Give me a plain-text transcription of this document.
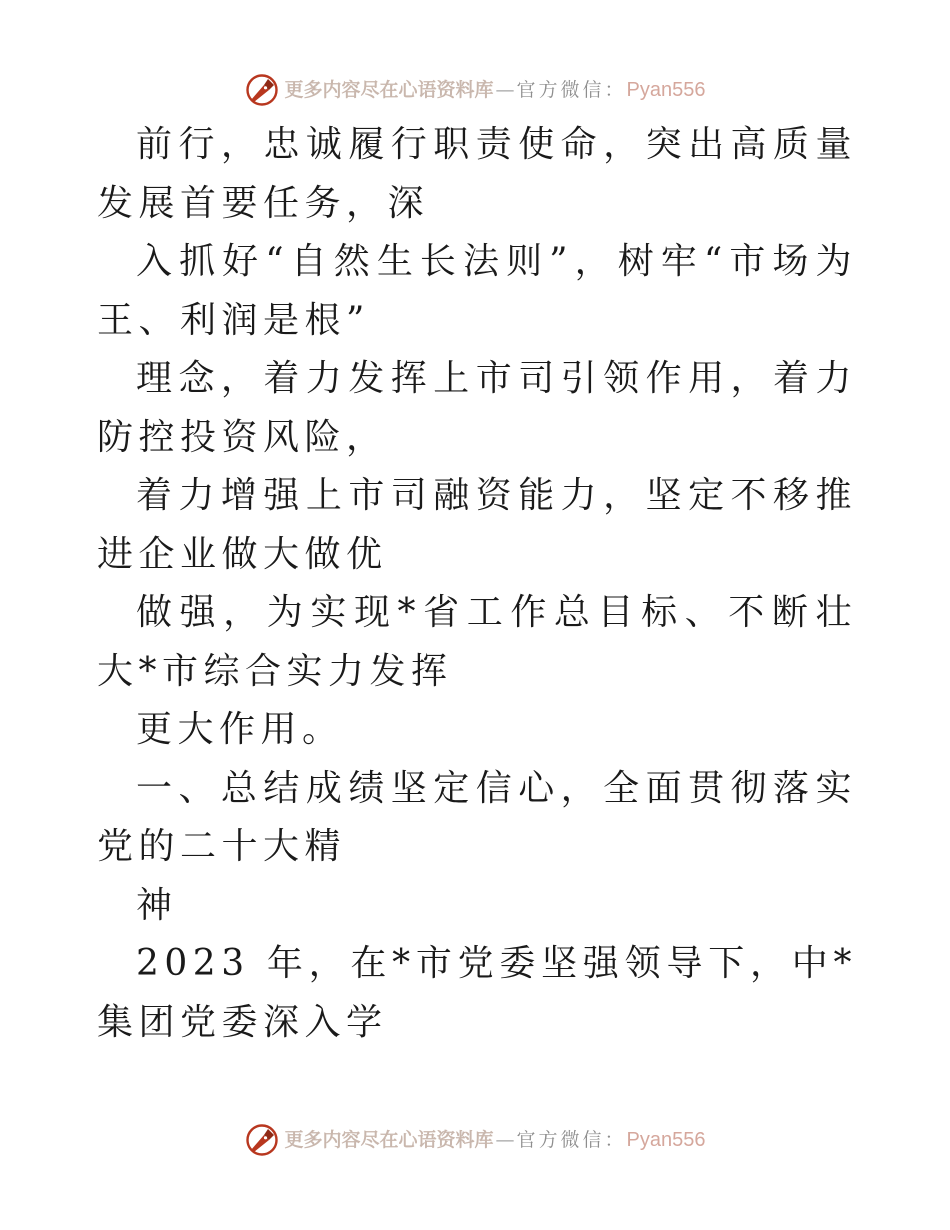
更多内容尽在心语资料库 — 官方微信： Pyan556

前行，忠诚履行职责使命，突出高质量发展首要任务，深

入抓好“自然生长法则”，树牢“市场为王、利润是根”

理念，着力发挥上市司引领作用，着力防控投资风险，

着力增强上市司融资能力，坚定不移推进企业做大做优

做强，为实现*省工作总目标、不断壮大*市综合实力发挥

更大作用。

一、总结成绩坚定信心，全面贯彻落实党的二十大精

神

2023 年，在*市党委坚强领导下，中*集团党委深入学

更多内容尽在心语资料库 — 官方微信： Pyan556
